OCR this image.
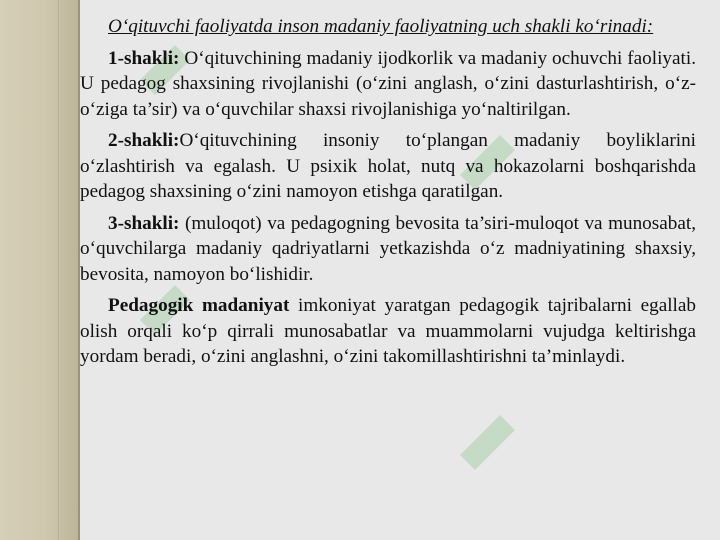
O‘qituvchi faoliyatda inson madaniy faoliyatning uch shakli ko‘rinadi:

1-shakli: O‘qituvchining madaniy ijodkorlik va madaniy ochuvchi faoliyati. U pedagog shaxsining rivojlanishi (o‘zini anglash, o‘zini dasturlashtirish, o‘z-o‘ziga ta’sir) va o‘quvchilar shaxsi rivojlanishiga yo‘naltirilgan.

2-shakli:O‘qituvchining insoniy to‘plangan madaniy boyliklarini o‘zlashtirish va egalash. U psixik holat, nutq va hokazolarni boshqarishda pedagog shaxsining o‘zini namoyon etishga qaratilgan.

3-shakli: (muloqot) va pedagogning bevosita ta’siri-muloqot va munosabat, o‘quvchilarga madaniy qadriyatlarni yetkazishda o‘z madniyatining shaxsiy, bevosita, namoyon bo‘lishidir.

Pedagogik madaniyat imkoniyat yaratgan pedagogik tajribalarni egallab olish orqali ko‘p qirrali munosabatlar va muammolarni vujudga keltirishga yordam beradi, o‘zini anglashni, o‘zini takomillashtirishni ta’minlaydi.
